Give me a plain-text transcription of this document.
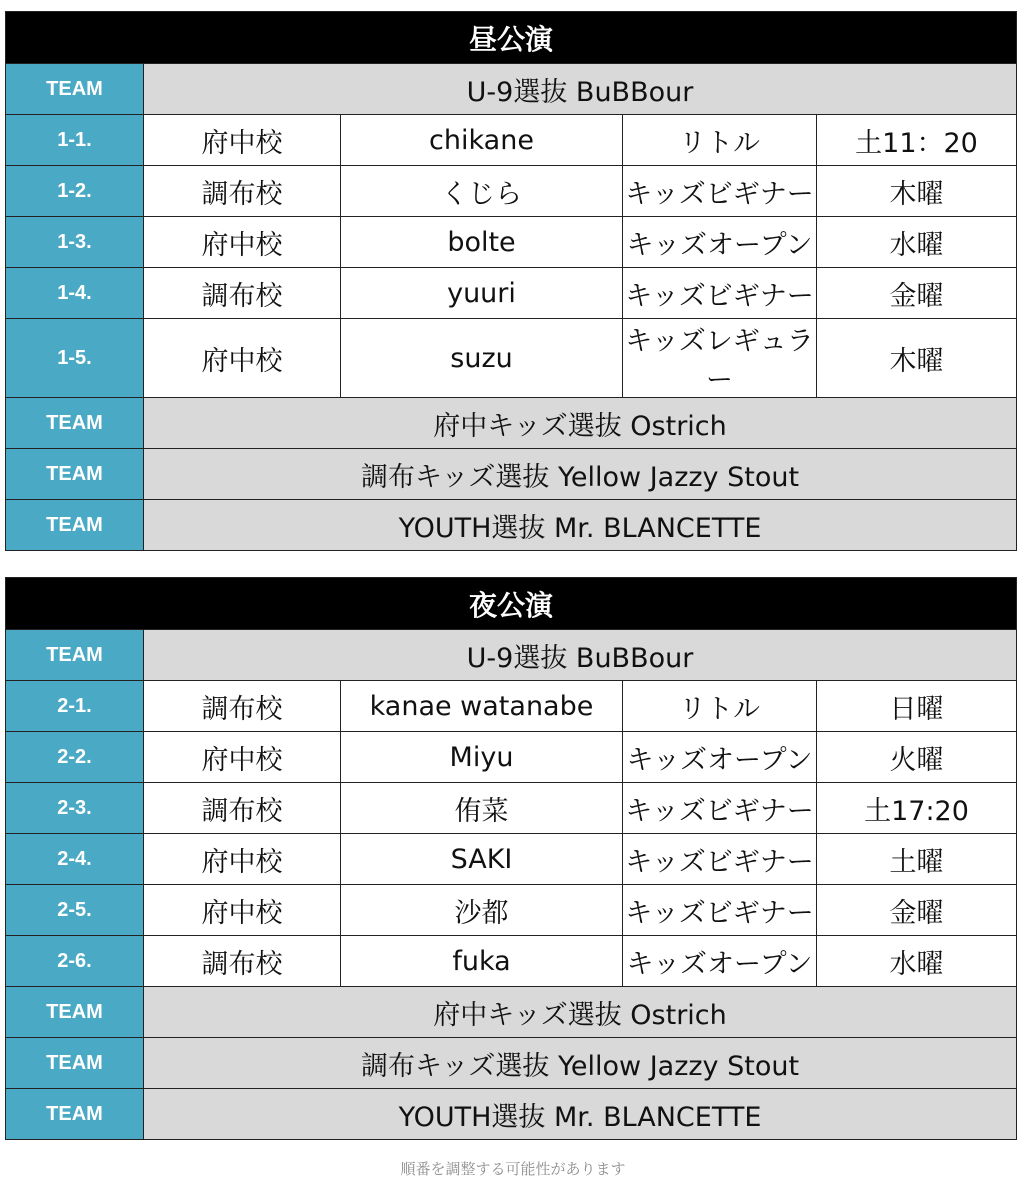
昼公演				
TEAM	U-9選抜 BuBBour			
1-1.	府中校	chikane	リトル	土11：20
1-2.	調布校	くじら	キッズビギナー	木曜
1-3.	府中校	bolte	キッズオープン	水曜
1-4.	調布校	yuuri	キッズビギナー	金曜
1-5.	府中校	suzu	キッズレギュラー	木曜
TEAM	府中キッズ選抜 Ostrich			
TEAM	調布キッズ選抜 Yellow Jazzy Stout			
TEAM	YOUTH選抜 Mr. BLANCETTE			
夜公演				
TEAM	U-9選抜 BuBBour			
2-1.	調布校	kanae watanabe	リトル	日曜
2-2.	府中校	Miyu	キッズオープン	火曜
2-3.	調布校	侑菜	キッズビギナー	土17:20
2-4.	府中校	SAKI	キッズビギナー	土曜
2-5.	府中校	沙都	キッズビギナー	金曜
2-6.	調布校	fuka	キッズオープン	水曜
TEAM	府中キッズ選抜 Ostrich			
TEAM	調布キッズ選抜 Yellow Jazzy Stout			
TEAM	YOUTH選抜 Mr. BLANCETTE			
順番を調整する可能性があります
